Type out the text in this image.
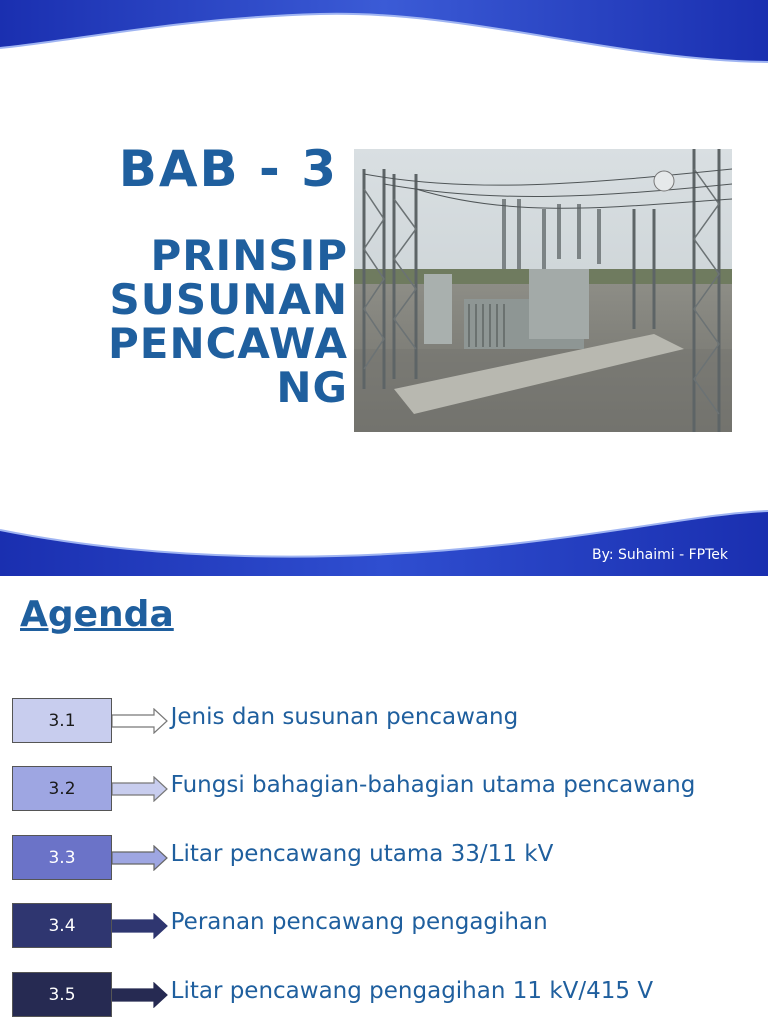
BAB - 3
PRINSIP SUSUNAN PENCAWA NG
By: Suhaimi - FPTek
Agenda
3.1	Jenis dan susunan pencawang
3.2	Fungsi bahagian-bahagian utama pencawang
3.3	Litar pencawang utama 33/11 kV
3.4	Peranan pencawang pengagihan
3.5	Litar pencawang pengagihan 11 kV/415 V
